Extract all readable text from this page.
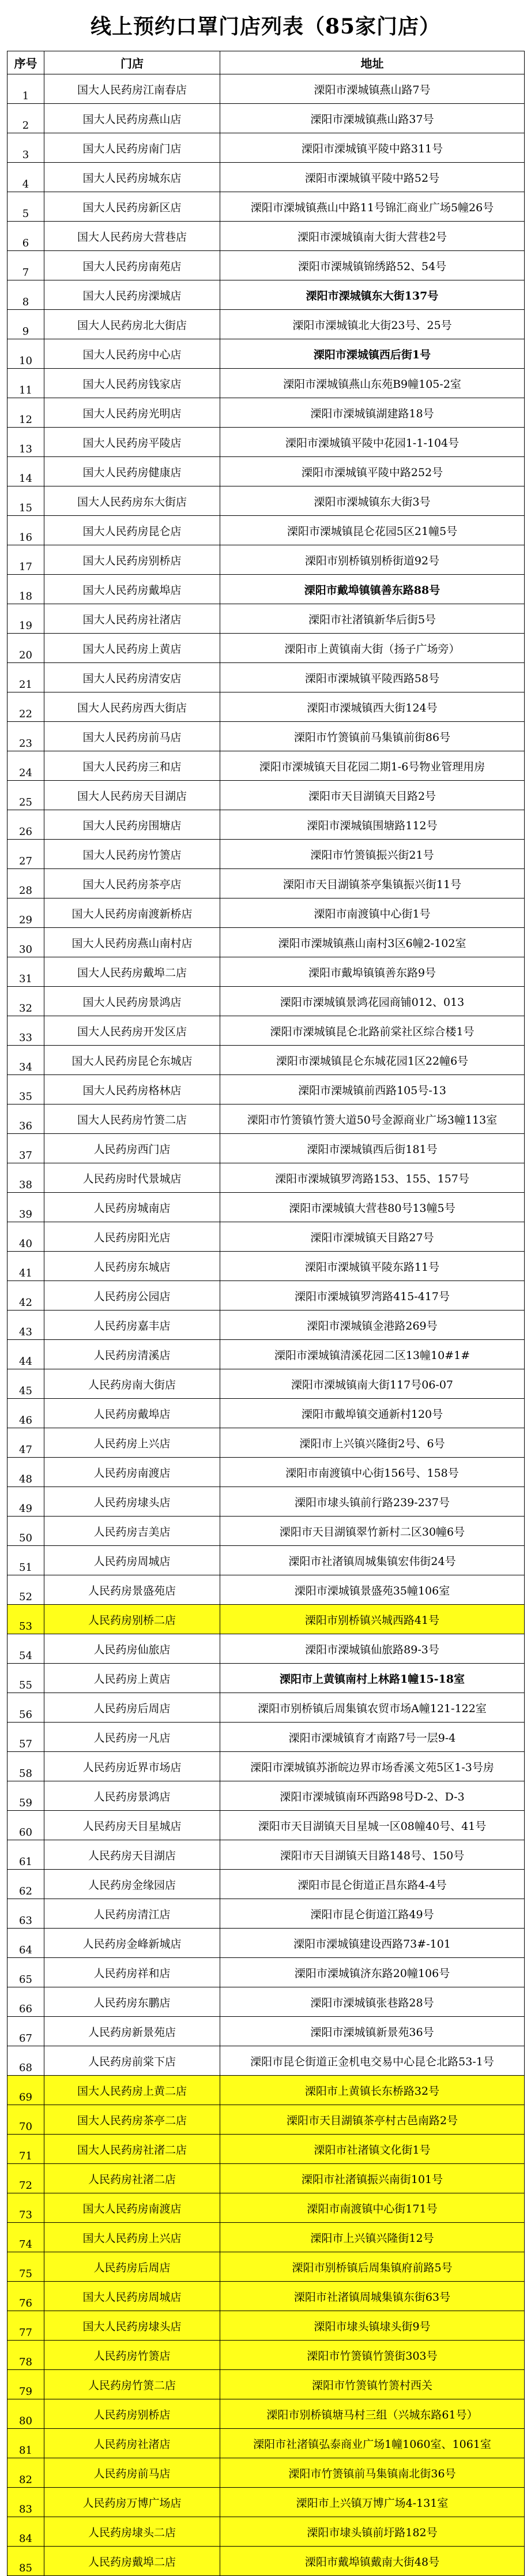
线上预约口罩门店列表（85家门店）
序号	门店	地址
1	国大人民药房江南春店	溧阳市溧城镇燕山路7号
2	国大人民药房燕山店	溧阳市溧城镇燕山路37号
3	国大人民药房南门店	溧阳市溧城镇平陵中路311号
4	国大人民药房城东店	溧阳市溧城镇平陵中路52号
5	国大人民药房新区店	溧阳市溧城镇燕山中路11号锦汇商业广场5幢26号
6	国大人民药房大营巷店	溧阳市溧城镇南大街大营巷2号
7	国大人民药房南苑店	溧阳市溧城镇锦绣路52、54号
8	国大人民药房溧城店	溧阳市溧城镇东大街137号
9	国大人民药房北大街店	溧阳市溧城镇北大街23号、25号
10	国大人民药房中心店	溧阳市溧城镇西后街1号
11	国大人民药房钱家店	溧阳市溧城镇燕山东苑B9幢105-2室
12	国大人民药房光明店	溧阳市溧城镇湖建路18号
13	国大人民药房平陵店	溧阳市溧城镇平陵中花园1-1-104号
14	国大人民药房健康店	溧阳市溧城镇平陵中路252号
15	国大人民药房东大街店	溧阳市溧城镇东大街3号
16	国大人民药房昆仑店	溧阳市溧城镇昆仑花园5区21幢5号
17	国大人民药房别桥店	溧阳市别桥镇别桥街道92号
18	国大人民药房戴埠店	溧阳市戴埠镇镇善东路88号
19	国大人民药房社渚店	溧阳市社渚镇新华后街5号
20	国大人民药房上黄店	溧阳市上黄镇南大街（扬子广场旁）
21	国大人民药房清安店	溧阳市溧城镇平陵西路58号
22	国大人民药房西大街店	溧阳市溧城镇西大街124号
23	国大人民药房前马店	溧阳市竹箦镇前马集镇前街86号
24	国大人民药房三和店	溧阳市溧城镇天目花园二期1-6号物业管理用房
25	国大人民药房天目湖店	溧阳市天目湖镇天目路2号
26	国大人民药房围塘店	溧阳市溧城镇围塘路112号
27	国大人民药房竹箦店	溧阳市竹箦镇振兴街21号
28	国大人民药房茶亭店	溧阳市天目湖镇茶亭集镇振兴街11号
29	国大人民药房南渡新桥店	溧阳市南渡镇中心街1号
30	国大人民药房燕山南村店	溧阳市溧城镇燕山南村3区6幢2-102室
31	国大人民药房戴埠二店	溧阳市戴埠镇镇善东路9号
32	国大人民药房景鸿店	溧阳市溧城镇景鸿花园商铺012、013
33	国大人民药房开发区店	溧阳市溧城镇昆仑北路前棠社区综合楼1号
34	国大人民药房昆仑东城店	溧阳市溧城镇昆仑东城花园1区22幢6号
35	国大人民药房格林店	溧阳市溧城镇前西路105号-13
36	国大人民药房竹箦二店	溧阳市竹箦镇竹箦大道50号金源商业广场3幢113室
37	人民药房西门店	溧阳市溧城镇西后街181号
38	人民药房时代景城店	溧阳市溧城镇罗湾路153、155、157号
39	人民药房城南店	溧阳市溧城镇大营巷80号13幢5号
40	人民药房阳光店	溧阳市溧城镇天目路27号
41	人民药房东城店	溧阳市溧城镇平陵东路11号
42	人民药房公园店	溧阳市溧城镇罗湾路415-417号
43	人民药房嘉丰店	溧阳市溧城镇金港路269号
44	人民药房清溪店	溧阳市溧城镇清溪花园二区13幢10#1#
45	人民药房南大街店	溧阳市溧城镇南大街117号06-07
46	人民药房戴埠店	溧阳市戴埠镇交通新村120号
47	人民药房上兴店	溧阳市上兴镇兴隆街2号、6号
48	人民药房南渡店	溧阳市南渡镇中心街156号、158号
49	人民药房埭头店	溧阳市埭头镇前行路239-237号
50	人民药房吉美店	溧阳市天目湖镇翠竹新村二区30幢6号
51	人民药房周城店	溧阳市社渚镇周城集镇宏伟街24号
52	人民药房景盛苑店	溧阳市溧城镇景盛苑35幢106室
53	人民药房别桥二店	溧阳市别桥镇兴城西路41号
54	人民药房仙旅店	溧阳市溧城镇仙旅路89-3号
55	人民药房上黄店	溧阳市上黄镇南村上林路1幢15-18室
56	人民药房后周店	溧阳市别桥镇后周集镇农贸市场A幢121-122室
57	人民药房一凡店	溧阳市溧城镇育才南路7号一层9-4
58	人民药房近界市场店	溧阳市溧城镇苏浙皖边界市场香溪文苑5区1-3号房
59	人民药房景鸿店	溧阳市溧城镇南环西路98号D-2、D-3
60	人民药房天目星城店	溧阳市天目湖镇天目星城一区08幢40号、41号
61	人民药房天目湖店	溧阳市天目湖镇天目路148号、150号
62	人民药房金缘园店	溧阳市昆仑街道正昌东路4-4号
63	人民药房清江店	溧阳市昆仑街道江路49号
64	人民药房金峰新城店	溧阳市溧城镇建设西路73#-101
65	人民药房祥和店	溧阳市溧城镇济东路20幢106号
66	人民药房东鹏店	溧阳市溧城镇张巷路28号
67	人民药房新景苑店	溧阳市溧城镇新景苑36号
68	人民药房前棠下店	溧阳市昆仑街道正金机电交易中心昆仑北路53-1号
69	国大人民药房上黄二店	溧阳市上黄镇长东桥路32号
70	国大人民药房茶亭二店	溧阳市天目湖镇茶亭村古邑南路2号
71	国大人民药房社渚二店	溧阳市社渚镇文化街1号
72	人民药房社渚二店	溧阳市社渚镇振兴南街101号
73	国大人民药房南渡店	溧阳市南渡镇中心街171号
74	国大人民药房上兴店	溧阳市上兴镇兴隆街12号
75	人民药房后周店	溧阳市别桥镇后周集镇府前路5号
76	国大人民药房周城店	溧阳市社渚镇周城集镇东街63号
77	国大人民药房埭头店	溧阳市埭头镇埭头街9号
78	人民药房竹箦店	溧阳市竹箦镇竹箦街303号
79	人民药房竹箦二店	溧阳市竹箦镇竹箦村西关
80	人民药房别桥店	溧阳市别桥镇塘马村三组（兴城东路61号）
81	人民药房社渚店	溧阳市社渚镇弘泰商业广场1幢1060室、1061室
82	人民药房前马店	溧阳市竹箦镇前马集镇南北街36号
83	人民药房万博广场店	溧阳市上兴镇万博广场4-131室
84	人民药房埭头二店	溧阳市埭头镇前圩路182号
85	人民药房戴埠二店	溧阳市戴埠镇戴南大街48号
